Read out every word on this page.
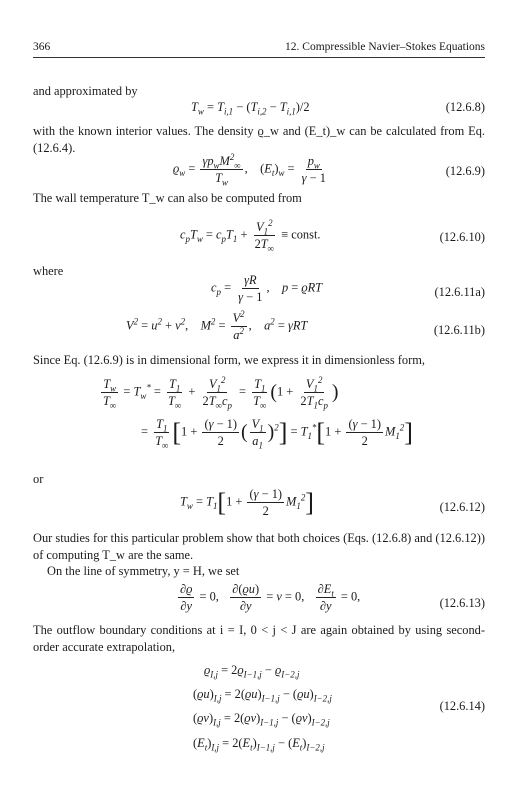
366	12. Compressible Navier–Stokes Equations
and approximated by
$T_w = T_{i,1} - (T_{i,2} - T_{i,1})/2$	(12.6.8)
with the known interior values. The density ϱ_w and (E_t)_w can be calculated from Eq. (12.6.4).
$ϱ_w = \frac{\gamma p_wM^2_\infty}{T_w}$ , $(E_t)_w = \frac{p_w}{\gamma - 1}$	(12.6.9)
The wall temperature T_w can also be computed from
$c_pT_w = c_pT_1 + \frac{V_1^2}{2T_\infty}$ ≡ const.	(12.6.10)
where
$c_p = \frac{\gamma R}{\gamma - 1}$ ,    p = ϱRT	(12.6.11a)
$V^2 = u^2 + v^2$,    $M^2 = \frac{V^2}{a^2}$ ,    $a^2 = \gamma RT$	(12.6.11b)
Since Eq. (12.6.9) is in dimensional form, we express it in dimensionless form,
$\frac{T_w}{T_\infty} = T_w^* = \frac{T_1}{T_\infty} + \frac{V_1^2}{2T_\infty c_p} = \frac{T_1}{T_\infty} (1 + \frac{V_1^2}{2T_1c_p}$ )
= $\frac{T_1}{T_\infty} [1 + \frac{(\gamma - 1)}{2}$ ( $\frac{V_1}{a_1} )^2] = T_1^*[1 + \frac{(\gamma - 1)}{2} M_1^2]$
or
$T_w = T_1[1 + \frac{(\gamma - 1)}{2} M_1^2]$	(12.6.12)
Our studies for this particular problem show that both choices (Eqs. (12.6.8) and (12.6.12)) of computing T_w are the same.
On the line of symmetry, y = H, we set
$\frac{\partial ϱ}{\partial y} = 0$, $\frac{\partial(ϱu)}{\partial y} = v = 0$, $\frac{\partial E_t}{\partial y} = 0$,	(12.6.13)
The outflow boundary conditions at i = I, 0 < j < J are again obtained by using second-order accurate extrapolation,
$ϱ_{I,j} = 2ϱ_{I-1,j} - ϱ_{I-2,j}$
$(ϱu)_{I,j} = 2(ϱu)_{I-1,j} - (ϱu)_{I-2,j}$
$(ϱv)_{I,j} = 2(ϱv)_{I-1,j} - (ϱv)_{I-2,j}$
$(E_t)_{I,j} = 2(E_t)_{I-1,j} - (E_t)_{I-2,j}$
(12.6.14)
